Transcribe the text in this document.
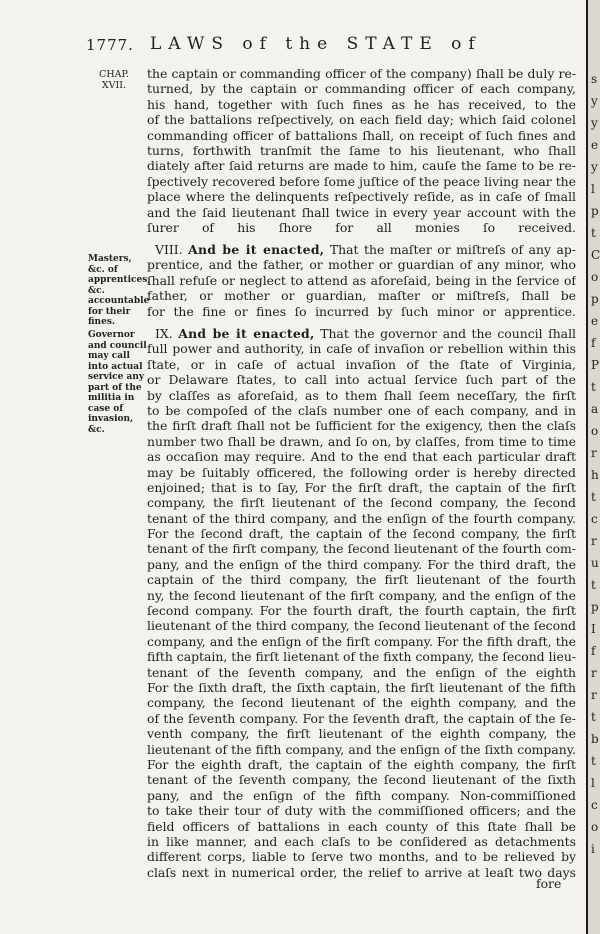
1777. LAWS of the STATE of
CHAP.
XVII.
Masters, &c. of apprentices, &c. accountable for their fines.
Governor and council may call into actual service any part of the militia in case of invasion, &c.
the captain or commanding officer of the company) ſhall be duly re-
turned, by the captain or commanding officer of each company,
his hand, together with ſuch fines as he has received, to the
of the battalions reſpectively, on each field day; which ſaid colonel
commanding officer of battalions ſhall, on receipt of ſuch fines and
turns, forthwith tranſmit the ſame to his lieutenant, who ſhall
diately after ſaid returns are made to him, cauſe the ſame to be re-
ſpectively recovered before ſome juſtice of the peace living near the
place where the delinquents reſpectively reſide, as in caſe of ſmall
and the ſaid lieutenant ſhall twice in every year account with the
ſurer of his ſhore for all monies ſo received.
VIII. And be it enacted, That the maſter or miſtreſs of any ap-
prentice, and the father, or mother or guardian of any minor, who
ſhall refuſe or neglect to attend as aforeſaid, being in the ſervice of
father, or mother or guardian, maſter or miſtreſs, ſhall be
for the fine or fines ſo incurred by ſuch minor or apprentice.
IX. And be it enacted, That the governor and the council ſhall
full power and authority, in caſe of invaſion or rebellion within this
ſtate, or in caſe of actual invaſion of the ſtate of Virginia,
or Delaware ſtates, to call into actual ſervice ſuch part of the
by claſſes as aforeſaid, as to them ſhall ſeem neceſſary, the firſt
to be compoſed of the claſs number one of each company, and in
the firſt draft ſhall not be ſufficient for the exigency, then the claſs
number two ſhall be drawn, and ſo on, by claſſes, from time to time
as occaſion may require. And to the end that each particular draft
may be ſuitably officered, the following order is hereby directed
enjoined; that is to ſay, For the firſt draft, the captain of the firſt
company, the firſt lieutenant of the ſecond company, the ſecond
tenant of the third company, and the enſign of the fourth company.
For the ſecond draft, the captain of the ſecond company, the firſt
tenant of the firſt company, the ſecond lieutenant of the fourth com-
pany, and the enſign of the third company. For the third draft, the
captain of the third company, the firſt lieutenant of the fourth
ny, the ſecond lieutenant of the firſt company, and the enſign of the
ſecond company. For the fourth draft, the fourth captain, the firſt
lieutenant of the third company, the ſecond lieutenant of the ſecond
company, and the enſign of the firſt company. For the fifth draft, the
fifth captain, the firſt lietenant of the fixth company, the ſecond lieu-
tenant of the ſeventh company, and the enſign of the eighth
For the ſixth draft, the ſixth captain, the firſt lieutenant of the fifth
company, the ſecond lieutenant of the eighth company, and the
of the ſeventh company. For the ſeventh draft, the captain of the ſe-
venth company, the firſt lieutenant of the eighth company, the
lieutenant of the fifth company, and the enſign of the ſixth company.
For the eighth draft, the captain of the eighth company, the firſt
tenant of the ſeventh company, the ſecond lieutenant of the ſixth
pany, and the enſign of the fifth company. Non-commiſſioned
to take their tour of duty with the commiſſioned officers; and the
field officers of battalions in each county of this ſtate ſhall be
in like manner, and each claſs to be conſidered as detachments
different corps, liable to ſerve two months, and to be relieved by
claſs next in numerical order, the relief to arrive at leaſt two days
fore
s
y
y
e
y
l
p
t
C
o
p
e
f
P
t
a
o
r
h
t
c
r
u
t
p
I
f
r
r
t
b
t
l
c
o
i
